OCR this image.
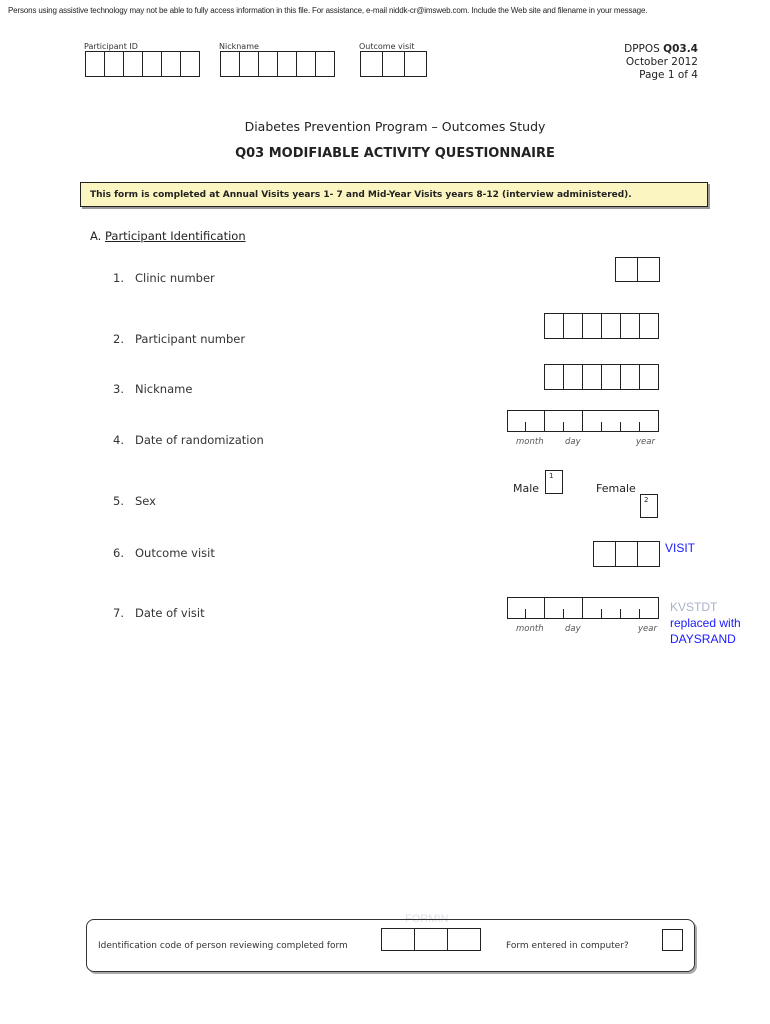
Persons using assistive technology may not be able to fully access information in this file. For assistance, e-mail niddk-cr@imsweb.com. Include the Web site and filename in your message.
Participant ID	Nickname	Outcome visit	DPPOS Q03.4
October 2012
Page 1 of 4
Diabetes Prevention Program – Outcomes Study
Q03 MODIFIABLE ACTIVITY QUESTIONNAIRE
This form is completed at Annual Visits years 1- 7 and Mid-Year Visits years 8-12 (interview administered).
A. Participant Identification
1. Clinic number
2. Participant number
3. Nickname
4. Date of randomization	month	day	year
5. Sex
Male
1
Female
2
6. Outcome visit	VISIT
7. Date of visit
month	day	year
KVSTDT
replaced with
DAYSRAND
FORMIN
Identification code of person reviewing completed form	Form entered in computer?
